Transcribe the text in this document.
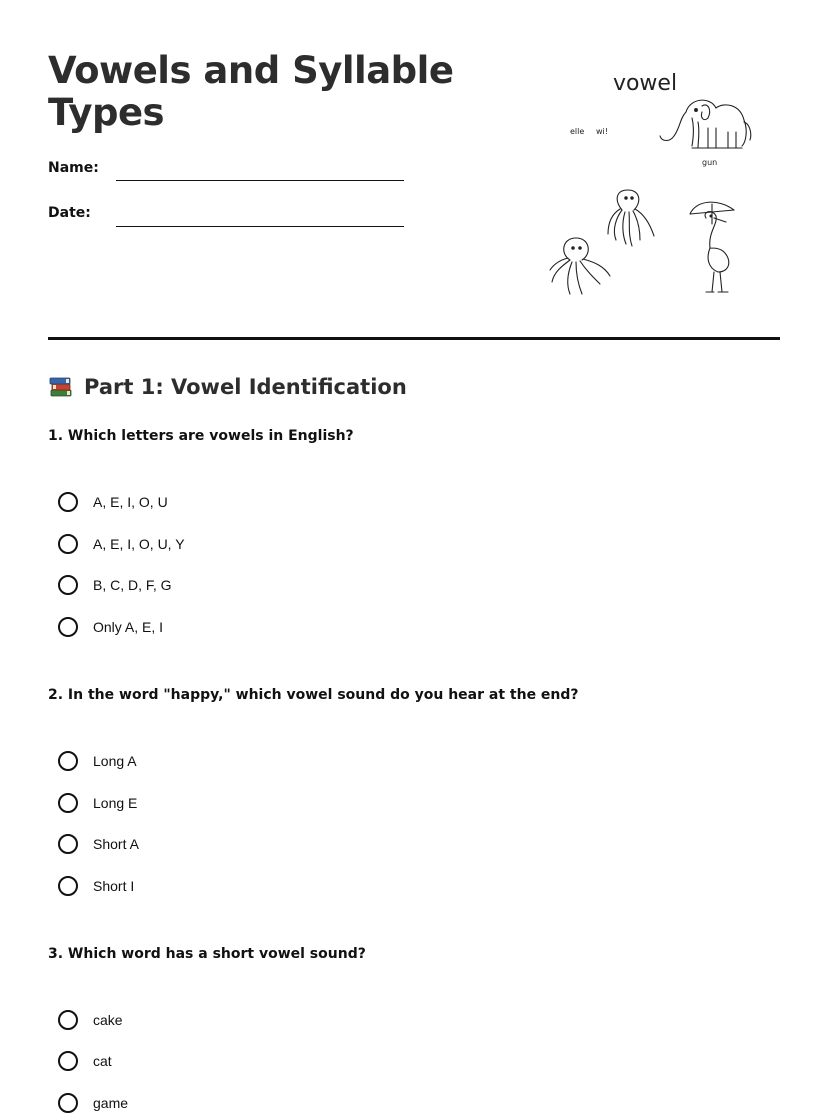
Vowels and Syllable Types
Name:
Date:
vowel
elle wi!
gun
Part 1: Vowel Identification
1. Which letters are vowels in English?
A, E, I, O, U
A, E, I, O, U, Y
B, C, D, F, G
Only A, E, I
2. In the word "happy," which vowel sound do you hear at the end?
Long A
Long E
Short A
Short I
3. Which word has a short vowel sound?
cake
cat
game
